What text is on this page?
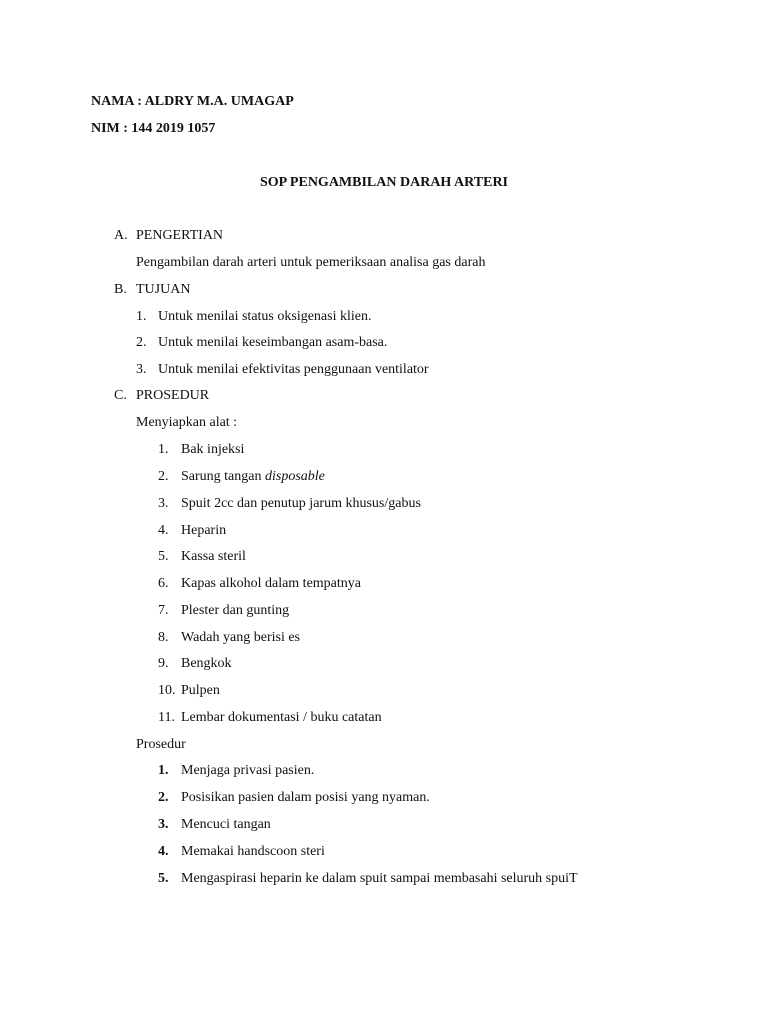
NAMA : ALDRY M.A. UMAGAP
NIM : 144 2019 1057
SOP PENGAMBILAN DARAH ARTERI
A. PENGERTIAN
Pengambilan darah arteri untuk pemeriksaan analisa gas darah
B. TUJUAN
1. Untuk menilai status oksigenasi klien.
2. Untuk menilai keseimbangan asam-basa.
3. Untuk menilai efektivitas penggunaan ventilator
C. PROSEDUR
Menyiapkan alat :
1. Bak injeksi
2. Sarung tangan disposable
3. Spuit 2cc dan penutup jarum khusus/gabus
4. Heparin
5. Kassa steril
6. Kapas alkohol dalam tempatnya
7. Plester dan gunting
8. Wadah yang berisi es
9. Bengkok
10. Pulpen
11. Lembar dokumentasi / buku catatan
Prosedur
1. Menjaga privasi pasien.
2. Posisikan pasien dalam posisi yang nyaman.
3. Mencuci tangan
4. Memakai handscoon steri
5. Mengaspirasi heparin ke dalam spuit sampai membasahi seluruh spuiT
